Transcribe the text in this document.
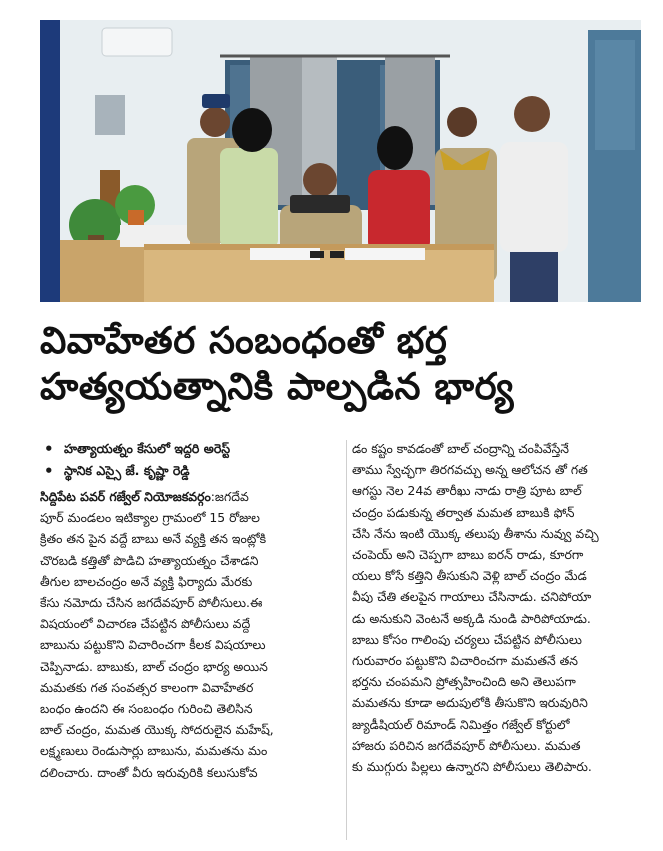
వివాహేతర సంబంధంతో భర్త
హత్యయత్నానికి పాల్పడిన భార్య
• హత్యాయత్నం కేసులో ఇద్దరి అరెస్ట్
• స్థానిక ఎస్సై జే. కృష్ణా రెడ్డి

సిద్దిపేట పవర్ గజ్వేల్ నియోజకవర్గం:జగదేవ
పూర్ మండలం ఇటిక్యాల గ్రామంలో 15 రోజుల
క్రితం తన పైన వద్దే బాబు అనే వ్యక్తి తన ఇంట్లోకి
చొరబడి కత్తితో పొడిచి హత్యాయత్నం చేశాడని
తీగుల బాలచంద్రం అనే వ్యక్తి ఫిర్యాదు మేరకు
కేసు నమోదు చేసిన జగదేవపూర్ పోలీసులు.ఈ
విషయంలో విచారణ చేపట్టిన పోలీసులు వద్దే
బాబును పట్టుకొని విచారించగా కీలక విషయాలు
చెప్పినాడు. బాబుకు, బాల్ చంద్రం భార్య అయిన
మమతకు గత సంవత్సర కాలంగా వివాహేతర
బంధం ఉందని ఈ సంబంధం గురించి తెలిసిన
బాల్ చంద్రం, మమత యొక్క సోదరులైన మహేష్,
లక్ష్మణులు రెండుసార్లు బాబును, మమతను మం
దలించారు. దాంతో వీరు ఇరువురికి కలుసుకోవ

డం కష్టం కావడంతో బాల్ చంద్రాన్ని చంపివేస్తేనే
తాము స్వేచ్ఛగా తిరగవచ్చు అన్న ఆలోచన తో గత
ఆగస్టు నెల 24వ తారీఖు నాడు రాత్రి పూట బాల్
చంద్రం పడుకున్న తర్వాత మమత బాబుకి ఫోన్
చేసి నేను ఇంటి యొక్క తలుపు తీశాను నువ్వు వచ్చి
చంపెయ్ అని చెప్పగా బాబు ఐరన్ రాడు, కూరగా
యలు కోసే కత్తిని తీసుకుని వెళ్లి బాల్ చంద్రం మేడ
వీపు చేతి తలపైన గాయాలు చేసినాడు. చనిపోయా
డు అనుకుని వెంటనే అక్కడి నుండి పారిపోయాడు.
బాబు కోసం గాలింపు చర్యలు చేపట్టిన పోలీసులు
గురువారం పట్టుకొని విచారించగా మమతనే తన
భర్తను చంపమని ప్రోత్సహించింది అని తెలుపగా
మమతను కూడా అదుపులోకి తీసుకొని ఇరువురిని
జ్యుడీషియల్ రిమాండ్ నిమిత్తం గజ్వేల్ కోర్టులో
హాజరు పరిచిన జగదేవపూర్ పోలీసులు. మమత
కు ముగ్గురు పిల్లలు ఉన్నారని పోలీసులు తెలిపారు.
